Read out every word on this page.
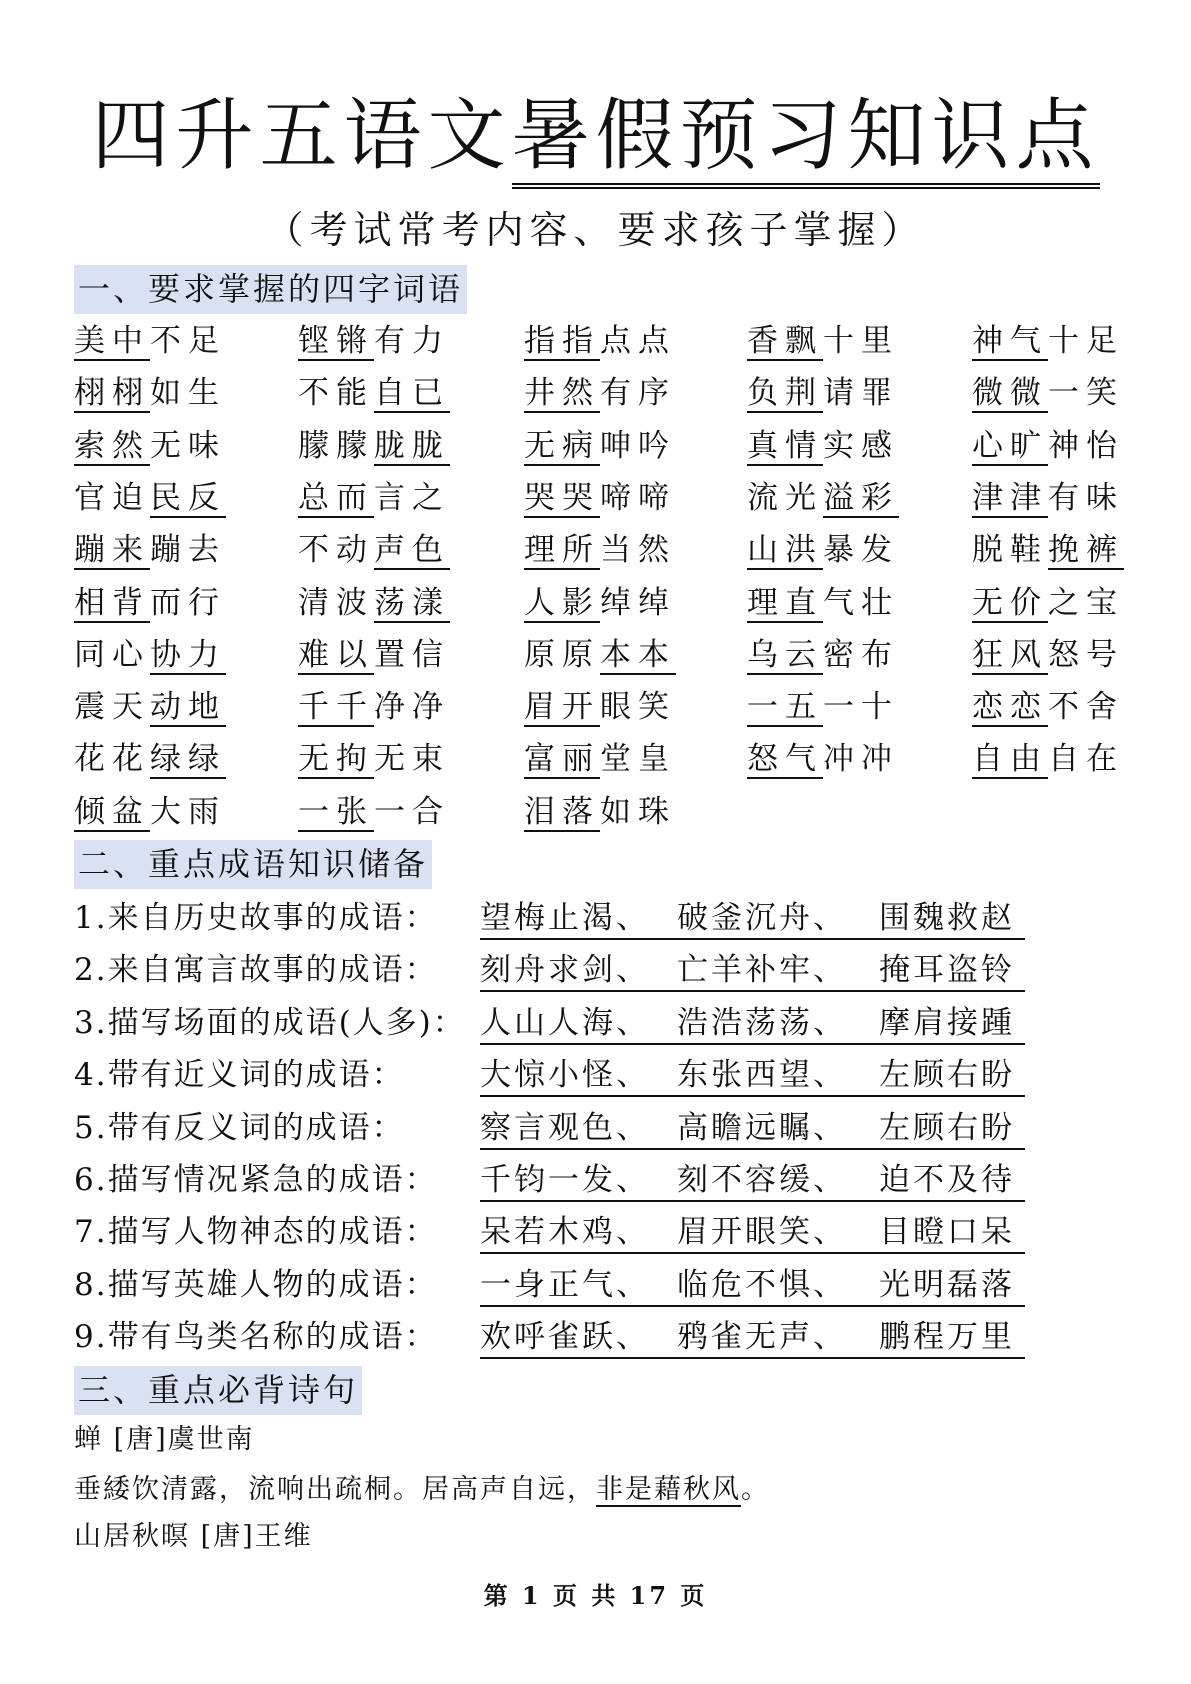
四升五语文暑假预习知识点
（考试常考内容、要求孩子掌握）
一、要求掌握的四字词语
美中不足 铿锵有力 指指点点 香飘十里 神气十足
栩栩如生 不能自已 井然有序 负荆请罪 微微一笑
索然无味 朦朦胧胧 无病呻吟 真情实感 心旷神怡
官迫民反 总而言之 哭哭啼啼 流光溢彩 津津有味
蹦来蹦去 不动声色 理所当然 山洪暴发 脱鞋挽裤
相背而行 清波荡漾 人影绰绰 理直气壮 无价之宝
同心协力 难以置信 原原本本 乌云密布 狂风怒号
震天动地 千千净净 眉开眼笑 一五一十 恋恋不舍
花花绿绿 无拘无束 富丽堂皇 怒气冲冲 自由自在
倾盆大雨 一张一合 泪落如珠
二、重点成语知识储备
1.来自历史故事的成语： 望梅止渴、 破釜沉舟、 围魏救赵
2.来自寓言故事的成语： 刻舟求剑、 亡羊补牢、 掩耳盗铃
3.描写场面的成语(人多)： 人山人海、 浩浩荡荡、 摩肩接踵
4.带有近义词的成语： 大惊小怪、 东张西望、 左顾右盼
5.带有反义词的成语： 察言观色、 高瞻远瞩、 左顾右盼
6.描写情况紧急的成语： 千钧一发、 刻不容缓、 迫不及待
7.描写人物神态的成语： 呆若木鸡、 眉开眼笑、 目瞪口呆
8.描写英雄人物的成语： 一身正气、 临危不惧、 光明磊落
9.带有鸟类名称的成语： 欢呼雀跃、 鸦雀无声、 鹏程万里
三、重点必背诗句
蝉 [唐]虞世南
垂緌饮清露，流响出疏桐。居高声自远，非是藉秋风。
山居秋暝 [唐]王维
第 1 页 共 17 页
